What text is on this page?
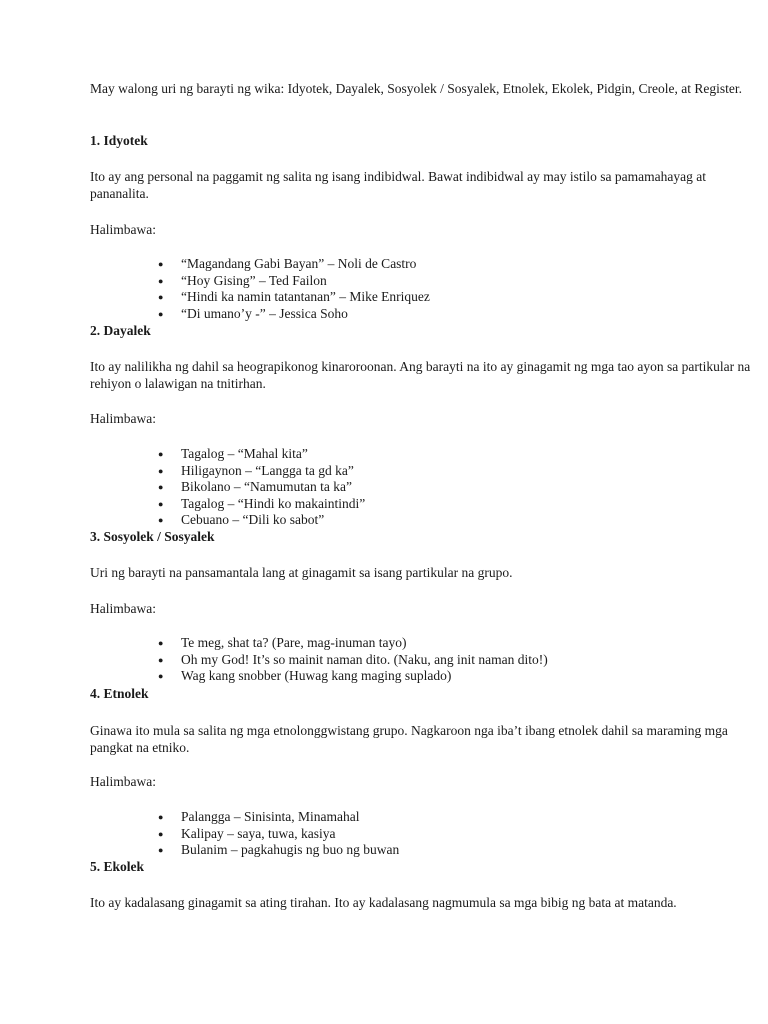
May walong uri ng barayti ng wika: Idyotek, Dayalek, Sosyolek / Sosyalek, Etnolek, Ekolek, Pidgin, Creole, at Register.

1. Idyotek

Ito ay ang personal na paggamit ng salita ng isang indibidwal. Bawat indibidwal ay may istilo sa pamamahayag at pananalita.

Halimbawa:

● “Magandang Gabi Bayan” – Noli de Castro
● “Hoy Gising” – Ted Failon
● “Hindi ka namin tatantanan” – Mike Enriquez
● “Di umano’y -” – Jessica Soho

2. Dayalek

Ito ay nalilikha ng dahil sa heograpikonog kinaroroonan. Ang barayti na ito ay ginagamit ng mga tao ayon sa partikular na rehiyon o lalawigan na tnitirhan.

Halimbawa:

● Tagalog – “Mahal kita”
● Hiligaynon – “Langga ta gd ka”
● Bikolano – “Namumutan ta ka”
● Tagalog – “Hindi ko makaintindi”
● Cebuano – “Dili ko sabot”

3. Sosyolek / Sosyalek

Uri ng barayti na pansamantala lang at ginagamit sa isang partikular na grupo.

Halimbawa:

● Te meg, shat ta? (Pare, mag-inuman tayo)
● Oh my God! It’s so mainit naman dito. (Naku, ang init naman dito!)
● Wag kang snobber (Huwag kang maging suplado)

4. Etnolek

Ginawa ito mula sa salita ng mga etnolonggwistang grupo. Nagkaroon nga iba’t ibang etnolek dahil sa maraming mga pangkat na etniko.

Halimbawa:

● Palangga – Sinisinta, Minamahal
● Kalipay – saya, tuwa, kasiya
● Bulanim – pagkahugis ng buo ng buwan

5. Ekolek

Ito ay kadalasang ginagamit sa ating tirahan. Ito ay kadalasang nagmumula sa mga bibig ng bata at matanda.
